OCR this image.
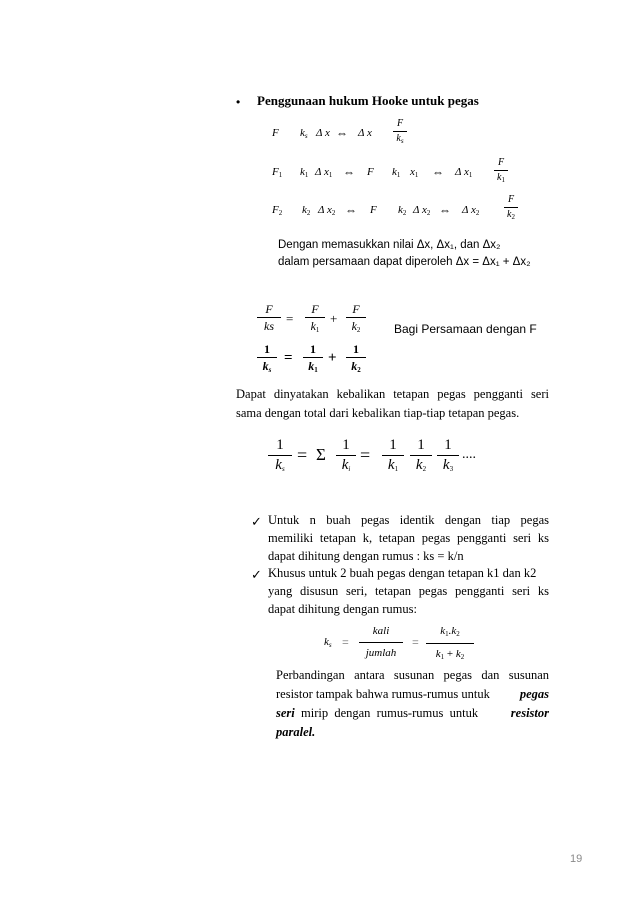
• Penggunaan hukum Hooke untuk pegas
F ks Δ x ⇔ Δ x
F
$k_s$
$F_1$ $k_1$ Δ $x_1$ ⇔ F $k_1$ $x_1$ ⇔ Δ $x_1$
F
$k_1$
$F_2$ $k_2$ Δ $x_2$ ⇔ F $k_2$ Δ $x_2$ ⇔ Δ $x_2$
F
$k_2$
Dengan memasukkan nilai Δx, Δx₁, dan Δx₂
dalam persamaan dapat diperoleh Δx = Δx₁ + Δx₂
F
ks =
F
$k_1$
+
F
$k_2$
1
ks
=
1
$k_1$
+
1
$k_2$
Bagi Persamaan dengan F
Dapat dinyatakan kebalikan tetapan pegas pengganti seri
sama dengan total dari kebalikan tiap-tiap tetapan pegas.
1
ks
= Σ	1
ki
=	1
$k_1$
1
$k_2$
1
$k_3$
....
✓ Untuk n buah pegas identik dengan tiap pegas
memiliki tetapan k, tetapan pegas pengganti seri ks
dapat dihitung dengan rumus : ks = k/n
✓ Khusus untuk 2 buah pegas dengan tetapan k1 dan k2
yang disusun seri, tetapan pegas pengganti seri ks
dapat dihitung dengan rumus:
ks =
kali
jumlah
=
$k_1.k_2$
$k_1 + k_2$
Perbandingan antara susunan pegas dan susunan
resistor tampak bahwa rumus-rumus untuk pegas
seri  mirip  dengan  rumus-rumus  untuk resistor
paralel.
19
